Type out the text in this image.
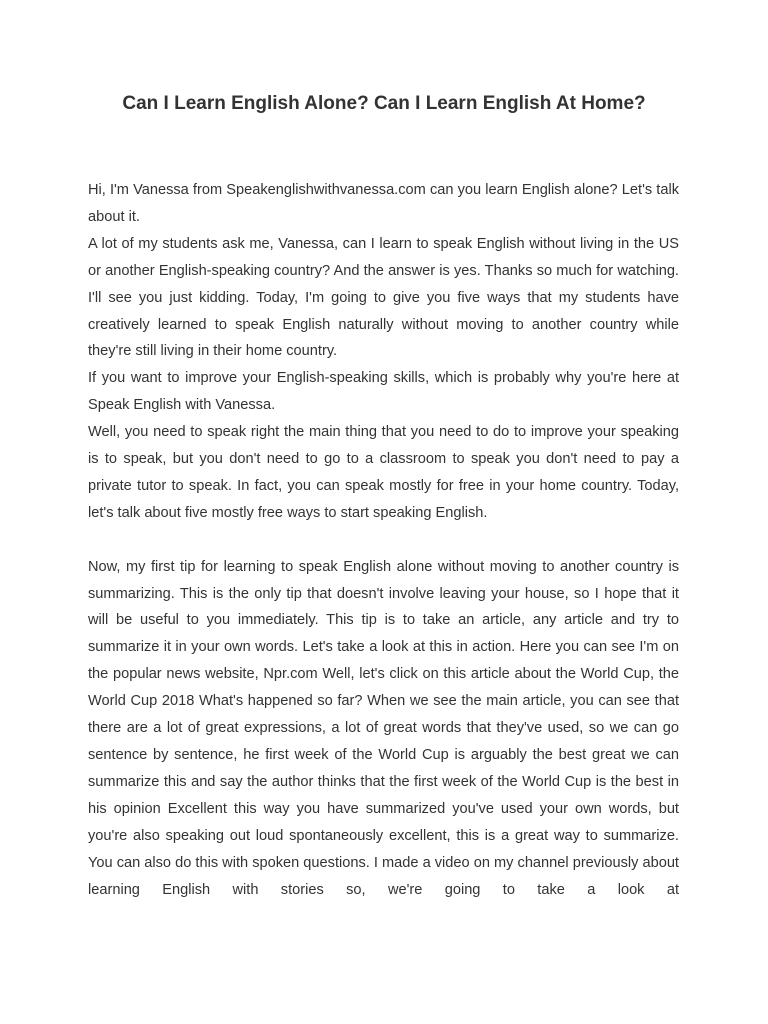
Can I Learn English Alone? Can I Learn English At Home?

Hi, I'm Vanessa from Speakenglishwithvanessa.com can you learn English alone? Let's talk about it.

A lot of my students ask me, Vanessa, can I learn to speak English without living in the US or another English-speaking country? And the answer is yes. Thanks so much for watching. I'll see you just kidding. Today, I'm going to give you five ways that my students have creatively learned to speak English naturally without moving to another country while they're still living in their home country.

If you want to improve your English-speaking skills, which is probably why you're here at Speak English with Vanessa.

Well, you need to speak right the main thing that you need to do to improve your speaking is to speak, but you don't need to go to a classroom to speak you don't need to pay a private tutor to speak. In fact, you can speak mostly for free in your home country. Today, let's talk about five mostly free ways to start speaking English.

Now, my first tip for learning to speak English alone without moving to another country is summarizing. This is the only tip that doesn't involve leaving your house, so I hope that it will be useful to you immediately. This tip is to take an article, any article and try to summarize it in your own words. Let's take a look at this in action. Here you can see I'm on the popular news website, Npr.com Well, let's click on this article about the World Cup, the World Cup 2018 What's happened so far? When we see the main article, you can see that there are a lot of great expressions, a lot of great words that they've used, so we can go sentence by sentence, he first week of the World Cup is arguably the best great we can summarize this and say the author thinks that the first week of the World Cup is the best in his opinion Excellent this way you have summarized you've used your own words, but you're also speaking out loud spontaneously excellent, this is a great way to summarize. You can also do this with spoken questions. I made a video on my channel previously about learning English with stories so, we're going to take a look at
